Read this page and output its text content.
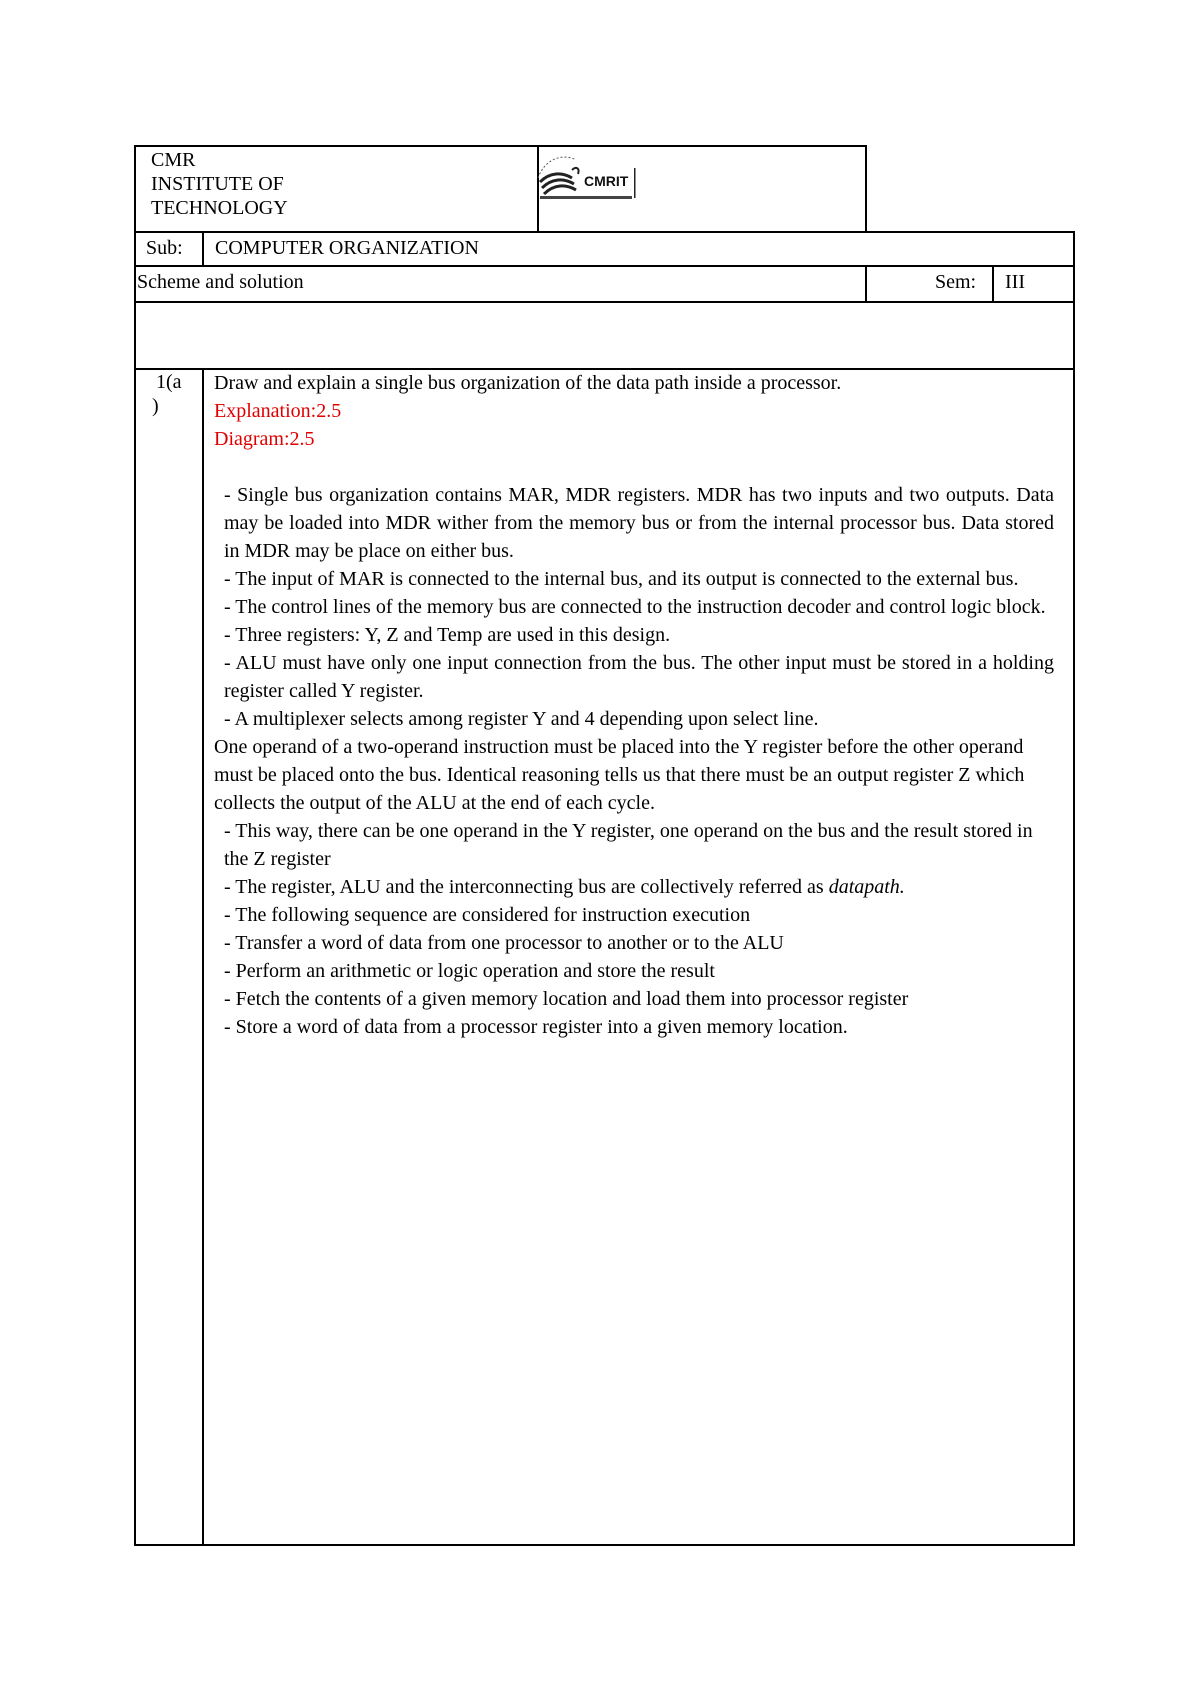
CMR
INSTITUTE OF
TECHNOLOGY
CMRIT
Sub: COMPUTER ORGANIZATION
Scheme and solution	Sem: III
1(a
)

Draw and explain a single bus organization of the data path inside a processor.

Explanation:2.5

Diagram:2.5

- Single bus organization contains MAR, MDR registers. MDR has two inputs and two outputs. Data may be loaded into MDR wither from the memory bus or from the internal processor bus. Data stored in MDR may be place on either bus.

- The input of MAR is connected to the internal bus, and its output is connected to the external bus.

- The control lines of the memory bus are connected to the instruction decoder and control logic block.

- Three registers: Y, Z and Temp are used in this design.

- ALU must have only one input connection from the bus. The other input must be stored in a holding register called Y register.

- A multiplexer selects among register Y and 4 depending upon select line.

One operand of a two-operand instruction must be placed into the Y register before the other operand must be placed onto the bus. Identical reasoning tells us that there must be an output register Z which collects the output of the ALU at the end of each cycle.

- This way, there can be one operand in the Y register, one operand on the bus and the result stored in the Z register

- The register, ALU and the interconnecting bus are collectively referred as datapath.

- The following sequence are considered for instruction execution

- Transfer a word of data from one processor to another or to the ALU

- Perform an arithmetic or logic operation and store the result

- Fetch the contents of a given memory location and load them into processor register

- Store a word of data from a processor register into a given memory location.
